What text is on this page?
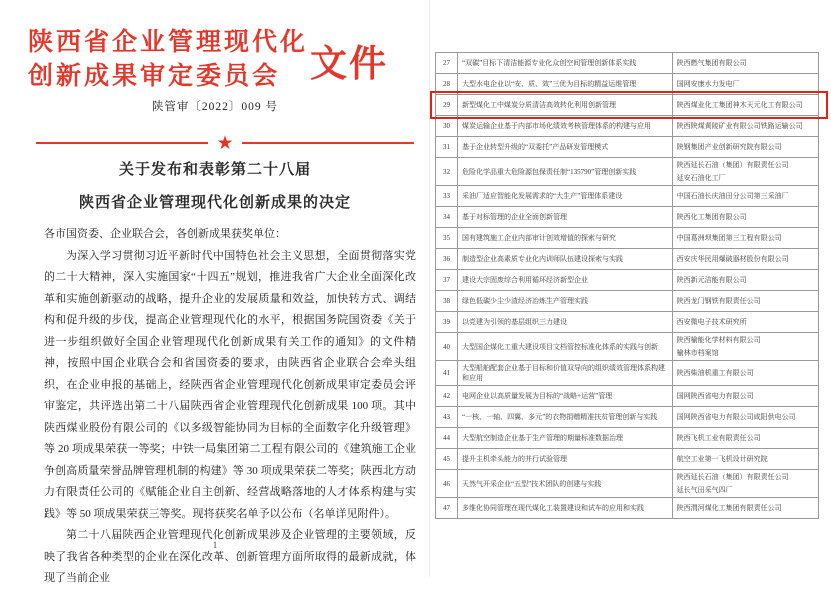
陕西省企业管理现代化
创新成果审定委员会 文件
陕管审〔2022〕009 号
★
关于发布和表彰第二十八届
陕西省企业管理现代化创新成果的决定
各市国资委、企业联合会，各创新成果获奖单位：
为深入学习贯彻习近平新时代中国特色社会主义思想，全面贯彻落实党的二十大精神，深入实施国家“十四五”规划，推进我省广大企业全面深化改革和实施创新驱动的战略，提升企业的发展质量和效益，加快转方式、调结构和促升级的步伐，提高企业管理现代化的水平，根据国务院国资委《关于进一步组织做好全国企业管理现代化创新成果有关工作的通知》的文件精神，按照中国企业联合会和省国资委的要求，由陕西省企业联合会牵头组织，在企业申报的基础上，经陕西省企业管理现代化创新成果审定委员会评审鉴定，共评选出第二十八届陕西省企业管理现代化创新成果 100 项。其中陕西煤业股份有限公司的《以多级智能协同为目标的全面数字化升级管理》等 20 项成果荣获一等奖；中铁一局集团第二工程有限公司的《建筑施工企业争创高质量荣誉品牌管理机制的构建》等 30 项成果荣获二等奖；陕西北方动力有限责任公司的《赋能企业自主创新、经营战略落地的人才体系构建与实践》等 50 项成果荣获三等奖。现将获奖名单予以公布（名单详见附件）。
第二十八届陕西企业管理现代化创新成果涉及企业管理的主要领域，反映了我省各种类型的企业在深化改革、创新管理方面所取得的最新成就，体现了当前企业
1
27	“双碳”目标下清洁能源专业化众创空间管理创新体系实践	陕西燃气集团有限公司
28	大型水电企业以“安、质、效”三优为目标的精益运维管理	国网安康水力发电厂
29	新型煤化工中煤炭分质清洁高效转化利用创新管理	陕西煤业化工集团神木天元化工有限公司
30	煤炭运输企业基于内部市场化绩效考核管理体系的构建与应用	陕西陕煤黄陵矿业有限公司铁路运输公司
31	基于企业转型升级的“双委托”产品研发管理模式	陕钢集团产业创新研究院有限公司
32	危险化学品重大危险源包保责任制“135790”管理创新实践	陕西延长石油（集团）有限责任公司
延安石油化工厂

33	采油厂适应智能化发展需求的“大生产”管理体系建设	中国石油长庆油田分公司第三采油厂
34	基于对标管理的企业全面创新管理	陕西化工集团有限公司
35	国有建筑施工企业内部审计创效增值的探索与研究	中国葛洲坝集团第三工程有限公司
36	制造型企业高素质专业化内训师队伍建设探索与实践	西安庆华民用爆破器材股份有限公司
37	建设大宗固废综合利用循环经济新型企业	陕西新元洁能有限公司
38	绿色低碳少尘少渣经济冶炼生产管理实践	陕西龙门钢铁有限责任公司
39	以党建为引领的基层组织三力建设	西安微电子技术研究所
40	大型国企煤化工重大建设项目文档管控标准化体系的实践与创新	陕西榆能化学材料有限公司
榆林市档案馆

41	大型船舶配套企业基于目标和价值双导向的组织绩效管理体系构建和应用	陕西柴油机重工有限公司
42	电网企业以高质量发展为目标的“战略+运营”管理	国网陕西省电力有限公司
43	“一核、一轴、四翼、多元”的衣物捐赠精准扶贫管理创新与实践	国网陕西省电力有限公司咸阳供电公司
44	大型航空制造企业基于生产管理的期量标准数据治理	陕西飞机工业有限责任公司
45	提升主机牵头能力的并行试验管理	航空工业第一飞机设计研究院
46	天然气开采企业“五型”技术团队的创建与实践	陕西延长石油（集团）有限责任公司
延长气田采气四厂

47	多维化协同管理在现代煤化工装置建设和试车的应用和实践	陕西渭河煤化工集团有限责任公司
